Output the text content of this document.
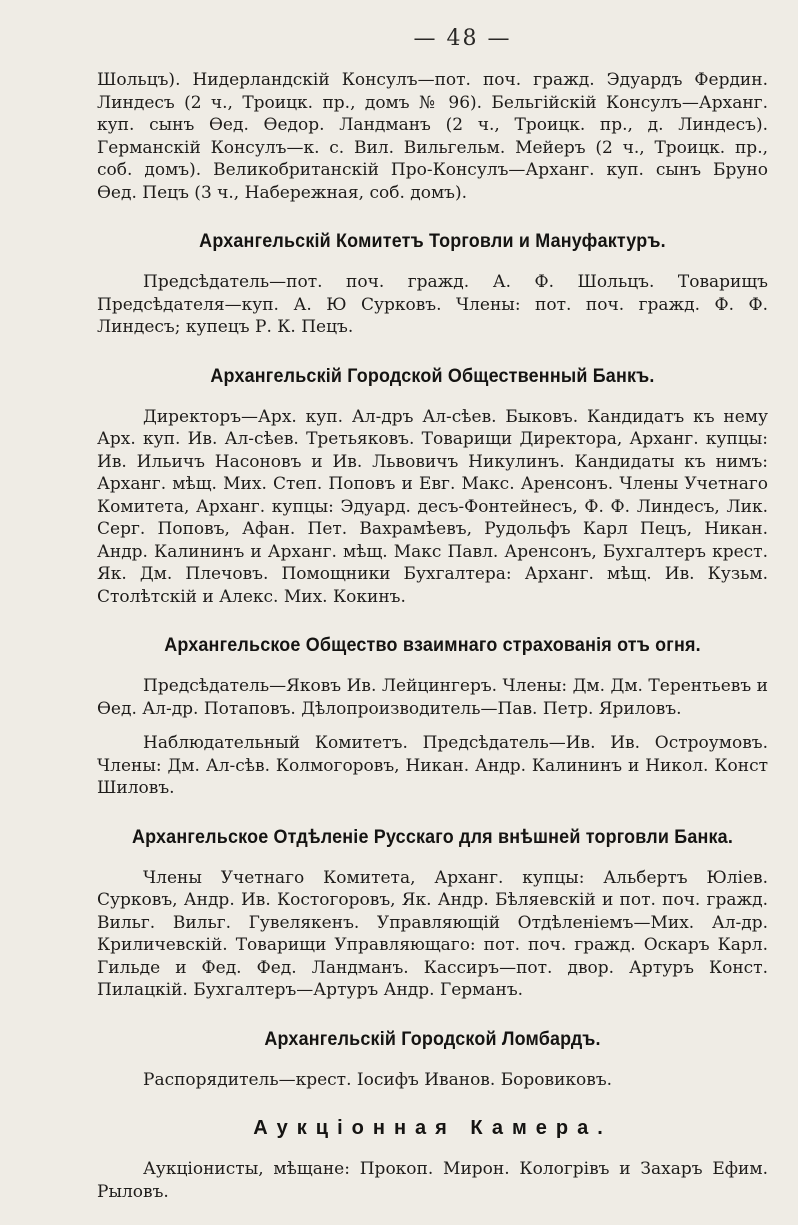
— 48 —

Шольцъ). Нидерландскій Консулъ—пот. поч. гражд. Эдуардъ Фердин. Линдесъ (2 ч., Троицк. пр., домъ № 96). Бельгійскій Консулъ—Арханг. куп. сынъ Ѳед. Ѳедор. Ландманъ (2 ч., Троицк. пр., д. Линдесъ). Германскій Консулъ—к. с. Вил. Вильгельм. Мейеръ (2 ч., Троицк. пр., соб. домъ). Великобританскій Про-Консулъ—Арханг. куп. сынъ Бруно Ѳед. Пецъ (3 ч., Набережная, соб. домъ).

Архангельскій Комитетъ Торговли и Мануфактуръ.

Предсѣдатель—пот. поч. гражд. А. Ф. Шольцъ. Товарищъ Предсѣдателя—куп. А. Ю Сурковъ. Члены: пот. поч. гражд. Ф. Ф. Линдесъ; купецъ Р. К. Пецъ.

Архангельскій Городской Общественный Банкъ.

Директоръ—Арх. куп. Ал-дръ Ал-сѣев. Быковъ. Кандидатъ къ нему Арх. куп. Ив. Ал-сѣев. Третьяковъ. Товарищи Директора, Арханг. купцы: Ив. Ильичъ Насоновъ и Ив. Львовичъ Никулинъ. Кандидаты къ нимъ: Арханг. мѣщ. Мих. Степ. Поповъ и Евг. Макс. Аренсонъ. Члены Учетнаго Комитета, Арханг. купцы: Эдуард. десъ-Фонтейнесъ, Ф. Ф. Линдесъ, Лик. Серг. Поповъ, Афан. Пет. Вахрамѣевъ, Рудольфъ Карл Пецъ, Никан. Андр. Калининъ и Арханг. мѣщ. Макс Павл. Аренсонъ, Бухгалтеръ крест. Як. Дм. Плечовъ. Помощники Бухгалтера: Арханг. мѣщ. Ив. Кузьм. Столѣтскій и Алекс. Мих. Кокинъ.

Архангельское Общество взаимнаго страхованія отъ огня.

Предсѣдатель—Яковъ Ив. Лейцингеръ. Члены: Дм. Дм. Терентьевъ и Ѳед. Ал-др. Потаповъ. Дѣлопроизводитель—Пав. Петр. Яриловъ.

Наблюдательный Комитетъ. Предсѣдатель—Ив. Ив. Остроумовъ. Члены: Дм. Ал-сѣв. Колмогоровъ, Никан. Андр. Калининъ и Никол. Конст Шиловъ.

Архангельское Отдѣленіе Русскаго для внѣшней торговли Банка.

Члены Учетнаго Комитета, Арханг. купцы: Альбертъ Юліев. Сурковъ, Андр. Ив. Костогоровъ, Як. Андр. Бѣляевскій и пот. поч. гражд. Вильг. Вильг. Гувелякенъ. Управляющій Отдѣленіемъ—Мих. Ал-др. Криличевскій. Товарищи Управляющаго: пот. поч. гражд. Оскаръ Карл. Гильде и Фед. Фед. Ландманъ. Кассиръ—пот. двор. Артуръ Конст. Пилацкій. Бухгалтеръ—Артуръ Андр. Германъ.

Архангельскій Городской Ломбардъ.

Распорядитель—крест. Іосифъ Иванов. Боровиковъ.

Аукціонная Камера.

Аукціонисты, мѣщане: Прокоп. Мирон. Кологрівъ и Захаръ Ефим. Рыловъ.
